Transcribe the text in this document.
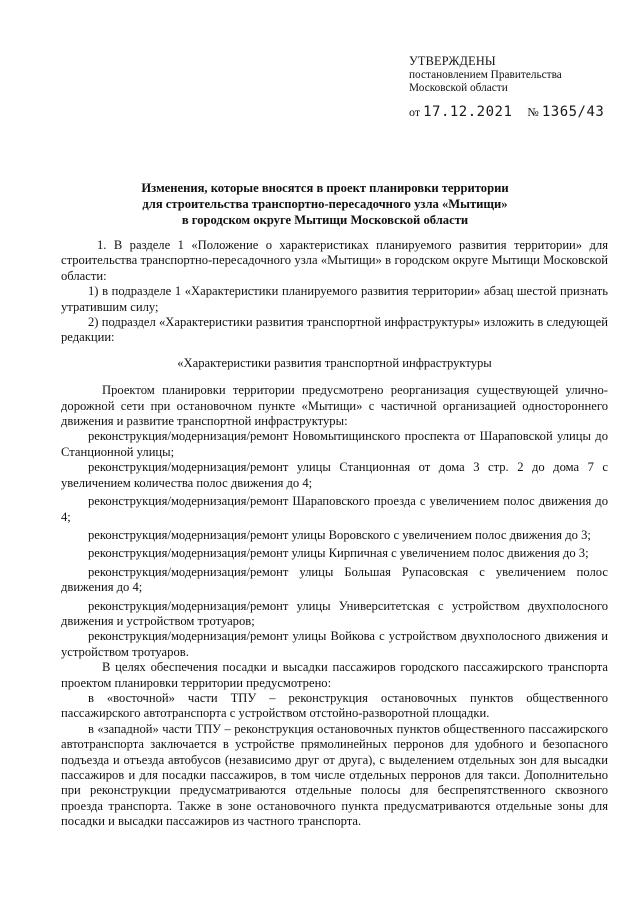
УТВЕРЖДЕНЫ
постановлением Правительства
Московской области
от 17.12.2021 № 1365/43
Изменения, которые вносятся в проект планировки территории
для строительства транспортно-пересадочного узла «Мытищи»
в городском округе Мытищи Московской области

1. В разделе 1 «Положение о характеристиках планируемого развития территории» для строительства транспортно-пересадочного узла «Мытищи» в городском округе Мытищи Московской области:

1) в подразделе 1 «Характеристики планируемого развития территории» абзац шестой признать утратившим силу;

2) подраздел «Характеристики развития транспортной инфраструктуры» изложить в следующей редакции:

«Характеристики развития транспортной инфраструктуры

Проектом планировки территории предусмотрено реорганизация существующей улично-дорожной сети при остановочном пункте «Мытищи» с частичной организацией одностороннего движения и развитие транспортной инфраструктуры:

реконструкция/модернизация/ремонт Новомытищинского проспекта от Шараповской улицы до Станционной улицы;

реконструкция/модернизация/ремонт улицы Станционная от дома 3 стр. 2 до дома 7 с увеличением количества полос движения до 4;

реконструкция/модернизация/ремонт Шараповского проезда с увеличением полос движения до 4;

реконструкция/модернизация/ремонт улицы Воровского с увеличением полос движения до 3;

реконструкция/модернизация/ремонт улицы Кирпичная с увеличением полос движения до 3;

реконструкция/модернизация/ремонт улицы Большая Рупасовская с увеличением полос движения до 4;

реконструкция/модернизация/ремонт улицы Университетская с устройством двухполосного движения и устройством тротуаров;

реконструкция/модернизация/ремонт улицы Войкова с устройством двухполосного движения и устройством тротуаров.

В целях обеспечения посадки и высадки пассажиров городского пассажирского транспорта проектом планировки территории предусмотрено:

в «восточной» части ТПУ – реконструкция остановочных пунктов общественного пассажирского автотранспорта с устройством отстойно-разворотной площадки.

в «западной» части ТПУ – реконструкция остановочных пунктов общественного пассажирского автотранспорта заключается в устройстве прямолинейных перронов для удобного и безопасного подъезда и отъезда автобусов (независимо друг от друга), с выделением отдельных зон для высадки пассажиров и для посадки пассажиров, в том числе отдельных перронов для такси. Дополнительно при реконструкции предусматриваются отдельные полосы для беспрепятственного сквозного проезда транспорта. Также в зоне остановочного пункта предусматриваются отдельные зоны для посадки и высадки пассажиров из частного транспорта.
